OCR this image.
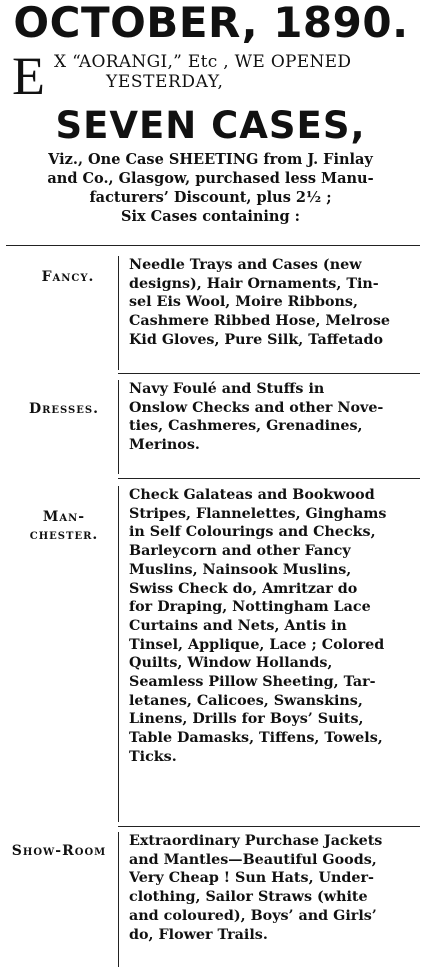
OCTOBER, 1890.
E X “AORANGI,” Etc , WE OPENED
YESTERDAY,
SEVEN CASES,
Viz., One Case SHEETING from J. Finlay
and Co., Glasgow, purchased less Manu-
facturers’ Discount, plus 2½ ;
Six Cases containing :
Fancy.
Needle Trays and Cases (new
designs), Hair Ornaments, Tin-
sel Eis Wool, Moire Ribbons,
Cashmere Ribbed Hose, Melrose
Kid Gloves, Pure Silk, Taffetado
Dresses.
Navy Foulé and Stuffs in
Onslow Checks and other Nove-
ties, Cashmeres, Grenadines,
Merinos.
Man-
chester.
Check Galateas and Bookwood
Stripes, Flannelettes, Ginghams
in Self Colourings and Checks,
Barleycorn and other Fancy
Muslins, Nainsook Muslins,
Swiss Check do, Amritzar do
for Draping, Nottingham Lace
Curtains and Nets, Antis in
Tinsel, Applique, Lace ; Colored
Quilts, Window Hollands,
Seamless Pillow Sheeting, Tar-
letanes, Calicoes, Swanskins,
Linens, Drills for Boys’ Suits,
Table Damasks, Tiffens, Towels,
Ticks.
Show-Room
Extraordinary Purchase Jackets
and Mantles—Beautiful Goods,
Very Cheap ! Sun Hats, Under-
clothing, Sailor Straws (white
and coloured), Boys’ and Girls’
do, Flower Trails.
